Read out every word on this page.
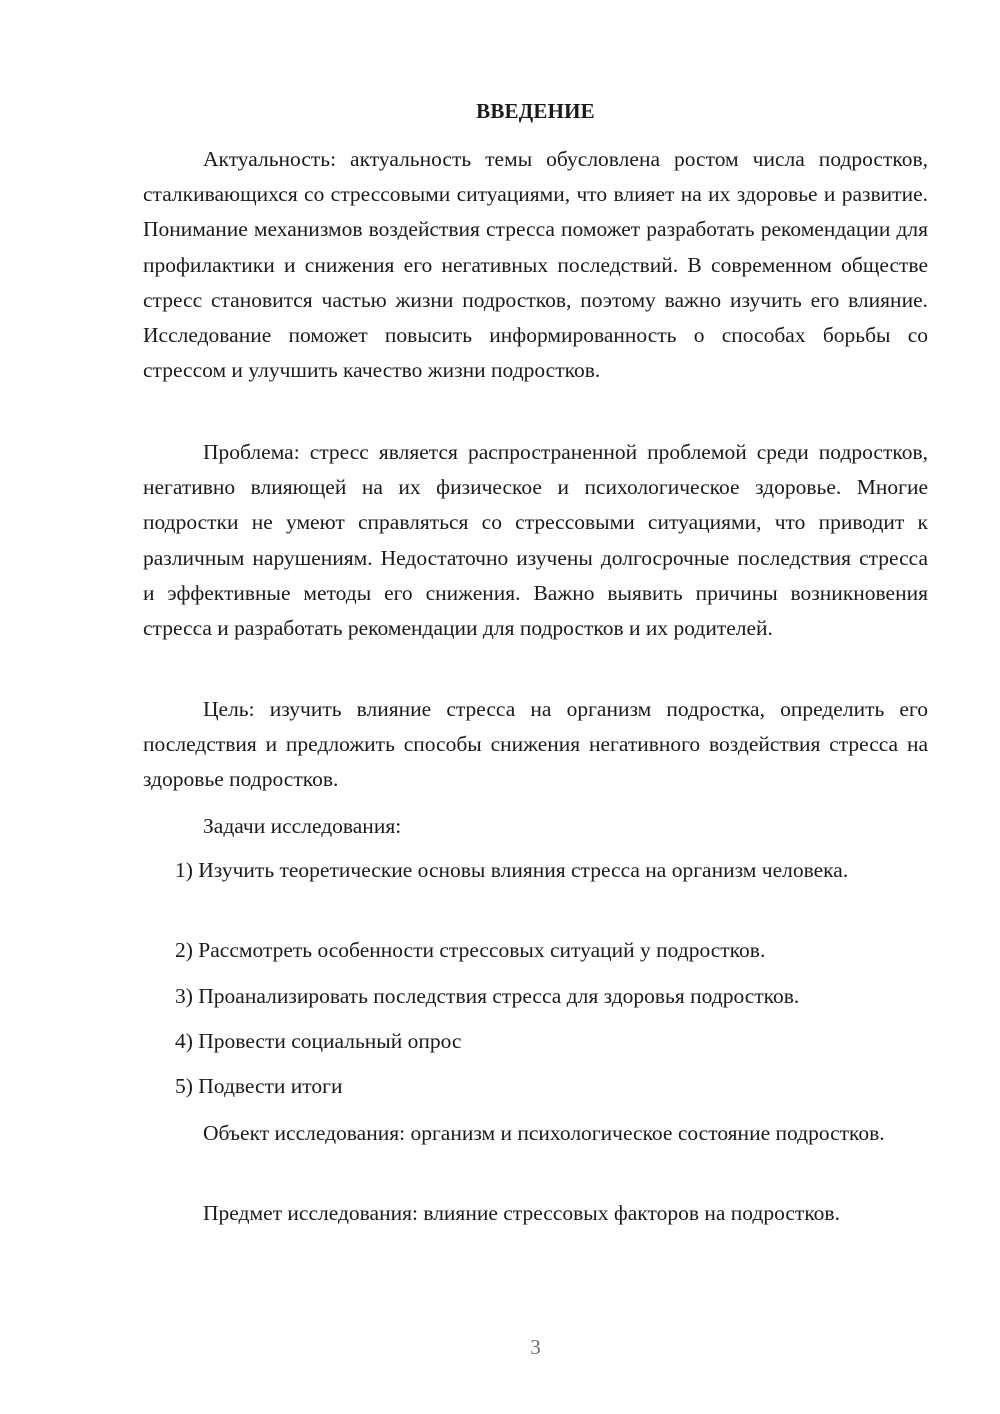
ВВЕДЕНИЕ

Актуальность: актуальность темы обусловлена ростом числа подростков, сталкивающихся со стрессовыми ситуациями, что влияет на их здоровье и развитие. Понимание механизмов воздействия стресса поможет разработать рекомендации для профилактики и снижения его негативных последствий. В современном обществе стресс становится частью жизни подростков, поэтому важно изучить его влияние. Исследование поможет повысить информированность о способах борьбы со стрессом и улучшить качество жизни подростков.

Проблема: стресс является распространенной проблемой среди подростков, негативно влияющей на их физическое и психологическое здоровье. Многие подростки не умеют справляться со стрессовыми ситуациями, что приводит к различным нарушениям. Недостаточно изучены долгосрочные последствия стресса и эффективные методы его снижения. Важно выявить причины возникновения стресса и разработать рекомендации для подростков и их родителей.

Цель: изучить влияние стресса на организм подростка, определить его последствия и предложить способы снижения негативного воздействия стресса на здоровье подростков.

Задачи исследования:

1) Изучить теоретические основы влияния стресса на организм человека.

2) Рассмотреть особенности стрессовых ситуаций у подростков.

3) Проанализировать последствия стресса для здоровья подростков.

4) Провести социальный опрос

5) Подвести итоги

Объект исследования: организм и психологическое состояние подростков.

Предмет исследования: влияние стрессовых факторов на подростков.

3
